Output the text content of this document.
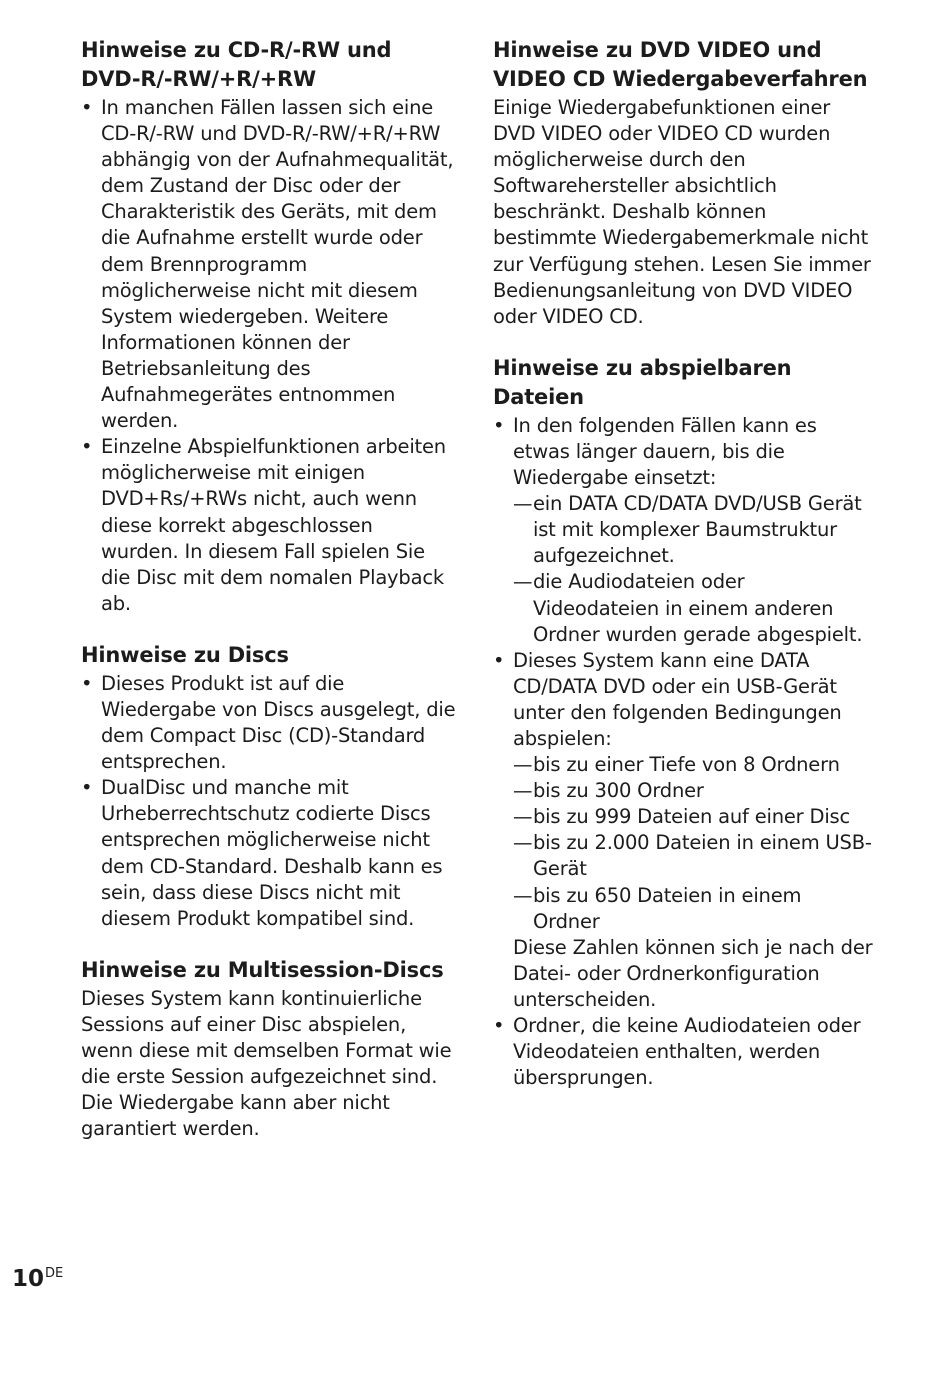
Hinweise zu CD-R/-RW und DVD-R/-RW/+R/+RW
• In manchen Fällen lassen sich eine CD-R/-RW und DVD-R/-RW/+R/+RW abhängig von der Aufnahmequalität, dem Zustand der Disc oder der Charakteristik des Geräts, mit dem die Aufnahme erstellt wurde oder dem Brennprogramm möglicherweise nicht mit diesem System wiedergeben. Weitere Informationen können der Betriebsanleitung des Aufnahmegerätes entnommen werden.
• Einzelne Abspielfunktionen arbeiten möglicherweise mit einigen DVD+Rs/+RWs nicht, auch wenn diese korrekt abgeschlossen wurden. In diesem Fall spielen Sie die Disc mit dem nomalen Playback ab.
Hinweise zu Discs
• Dieses Produkt ist auf die Wiedergabe von Discs ausgelegt, die dem Compact Disc (CD)-Standard entsprechen.
• DualDisc und manche mit Urheberrechtschutz codierte Discs entsprechen möglicherweise nicht dem CD-Standard. Deshalb kann es sein, dass diese Discs nicht mit diesem Produkt kompatibel sind.
Hinweise zu Multisession-Discs

Dieses System kann kontinuierliche Sessions auf einer Disc abspielen, wenn diese mit demselben Format wie die erste Session aufgezeichnet sind. Die Wiedergabe kann aber nicht garantiert werden.

Hinweise zu DVD VIDEO und VIDEO CD Wiedergabeverfahren

Einige Wiedergabefunktionen einer DVD VIDEO oder VIDEO CD wurden möglicherweise durch den Softwarehersteller absichtlich beschränkt. Deshalb können bestimmte Wiedergabemerkmale nicht zur Verfügung stehen. Lesen Sie immer Bedienungsanleitung von DVD VIDEO oder VIDEO CD.

Hinweise zu abspielbaren Dateien
• In den folgenden Fällen kann es etwas länger dauern, bis die Wiedergabe einsetzt:
— ein DATA CD/DATA DVD/USB Gerät ist mit komplexer Baumstruktur aufgezeichnet.
— die Audiodateien oder Videodateien in einem anderen Ordner wurden gerade abgespielt.
• Dieses System kann eine DATA CD/DATA DVD oder ein USB-Gerät unter den folgenden Bedingungen abspielen:
— bis zu einer Tiefe von 8 Ordnern
— bis zu 300 Ordner
— bis zu 999 Dateien auf einer Disc
— bis zu 2.000 Dateien in einem USB-Gerät
— bis zu 650 Dateien in einem Ordner
Diese Zahlen können sich je nach der Datei- oder Ordnerkonfiguration unterscheiden.
• Ordner, die keine Audiodateien oder Videodateien enthalten, werden übersprungen.
10DE
